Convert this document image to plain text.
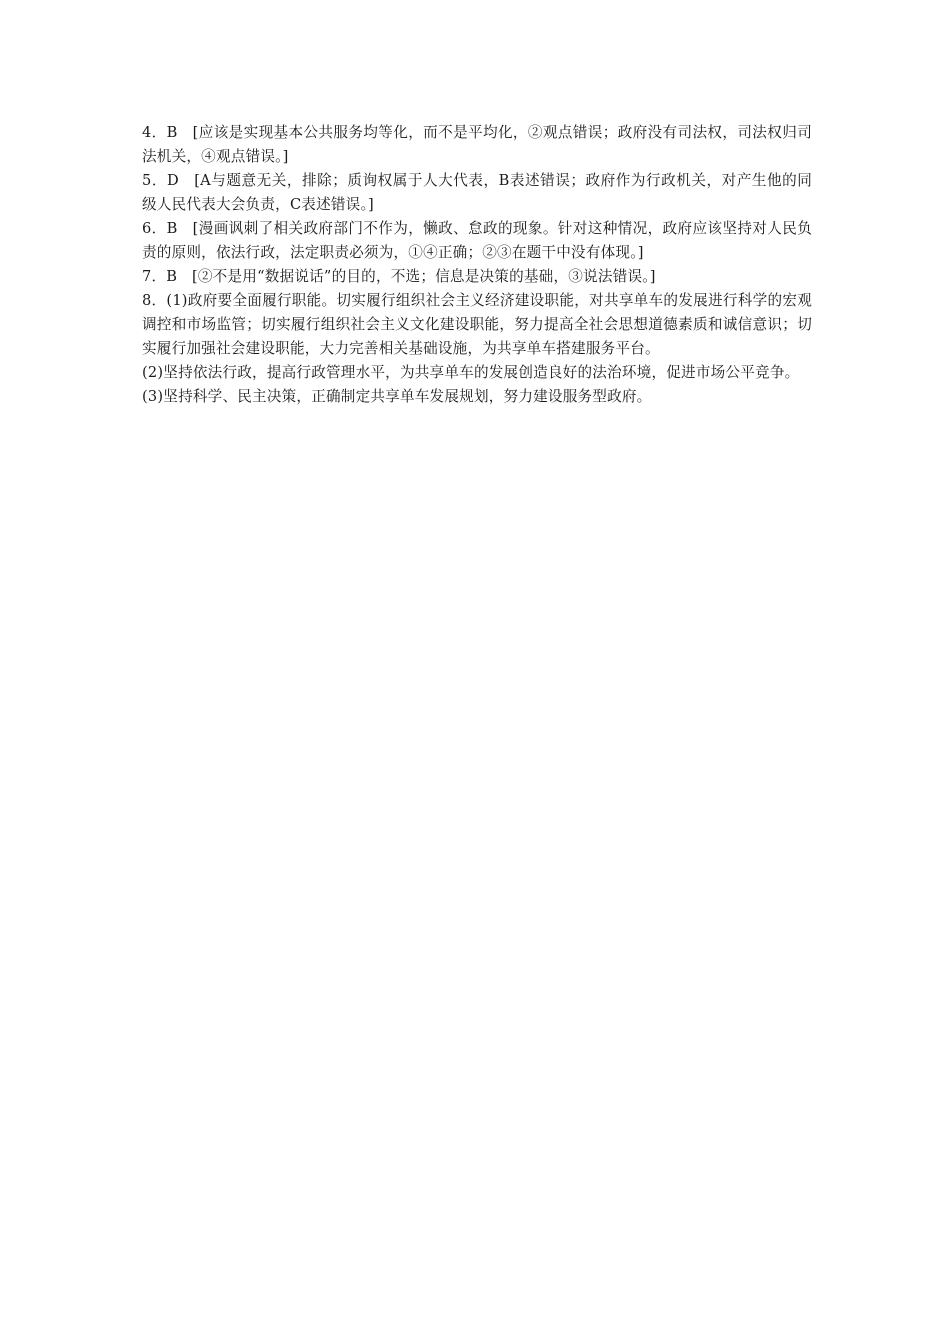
4．B　[应该是实现基本公共服务均等化，而不是平均化，②观点错误；政府没有司法权，司法权归司法机关，④观点错误。]

5．D　[A与题意无关，排除；质询权属于人大代表，B表述错误；政府作为行政机关，对产生他的同级人民代表大会负责，C表述错误。]

6．B　[漫画讽刺了相关政府部门不作为，懒政、怠政的现象。针对这种情况，政府应该坚持对人民负责的原则，依法行政，法定职责必须为，①④正确；②③在题干中没有体现。]

7．B　[②不是用“数据说话”的目的，不选；信息是决策的基础，③说法错误。]

8．(1)政府要全面履行职能。切实履行组织社会主义经济建设职能，对共享单车的发展进行科学的宏观调控和市场监管；切实履行组织社会主义文化建设职能，努力提高全社会思想道德素质和诚信意识；切实履行加强社会建设职能，大力完善相关基础设施，为共享单车搭建服务平台。

(2)坚持依法行政，提高行政管理水平，为共享单车的发展创造良好的法治环境，促进市场公平竞争。

(3)坚持科学、民主决策，正确制定共享单车发展规划，努力建设服务型政府。
